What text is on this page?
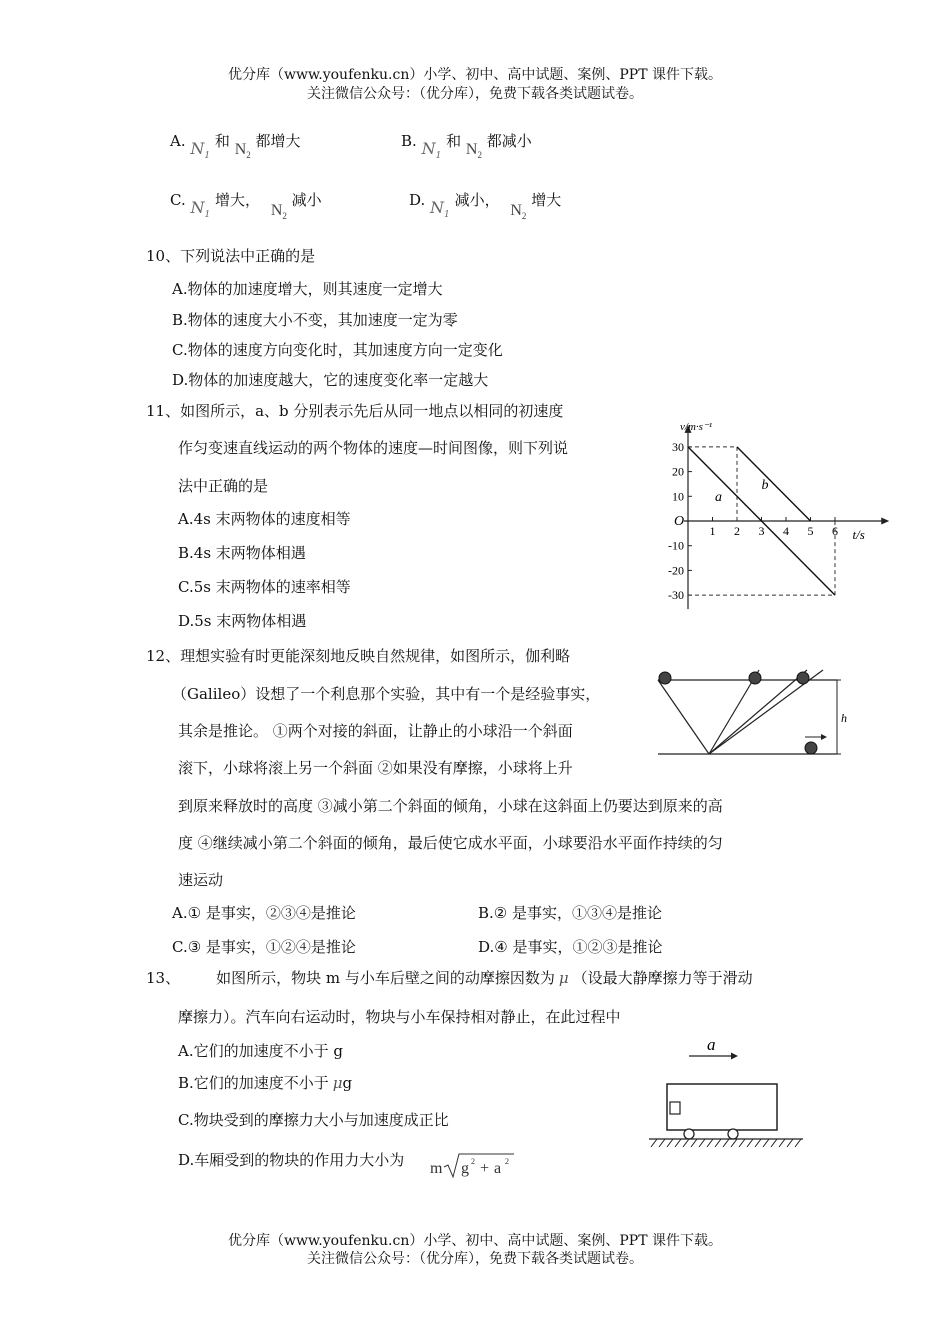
优分库（www.youfenku.cn）小学、初中、高中试题、案例、PPT 课件下载。
关注微信公众号：（优分库），免费下载各类试题试卷。
A. $N_1$ 和 $N_2$ 都增大	B. $N_1$ 和 $N_2$ 都减小
C. $N_1$ 增大， $N_2$ 减小	D. $N_1$ 减小， $N_2$ 增大
10、下列说法中正确的是
A.物体的加速度增大，则其速度一定增大
B.物体的速度大小不变，其加速度一定为零
C.物体的速度方向变化时，其加速度方向一定变化
D.物体的加速度越大，它的速度变化率一定越大
11、如图所示，a、b 分别表示先后从同一地点以相同的初速度
作匀变速直线运动的两个物体的速度—时间图像，则下列说
法中正确的是
A.4s 末两物体的速度相等
B.4s 末两物体相遇
C.5s 末两物体的速率相等
D.5s 末两物体相遇
1 2 3 4 5 6
30
20
10
-10
-20
-30
a
b
v/m·s⁻¹
t/s
O
12、理想实验有时更能深刻地反映自然规律，如图所示，伽利略
（Galileo）设想了一个利息那个实验，其中有一个是经验事实，
其余是推论。 ①两个对接的斜面，让静止的小球沿一个斜面
滚下，小球将滚上另一个斜面 ②如果没有摩擦，小球将上升
到原来释放时的高度 ③减小第二个斜面的倾角，小球在这斜面上仍要达到原来的高
度 ④继续减小第二个斜面的倾角，最后使它成水平面，小球要沿水平面作持续的匀
速运动
A.① 是事实，②③④是推论	B.② 是事实，①③④是推论
C.③ 是事实，①②④是推论	D.④ 是事实，①②③是推论
h
13、 如图所示，物块 m 与小车后壁之间的动摩擦因数为 μ （设最大静摩擦力等于滑动
摩擦力）。汽车向右运动时，物块与小车保持相对静止，在此过程中
A.它们的加速度不小于 g
B.它们的加速度不小于 μg
C.物块受到的摩擦力大小与加速度成正比
D.车厢受到的物块的作用力大小为 m g 2 + a 2
a
优分库（www.youfenku.cn）小学、初中、高中试题、案例、PPT 课件下载。
关注微信公众号：（优分库），免费下载各类试题试卷。
